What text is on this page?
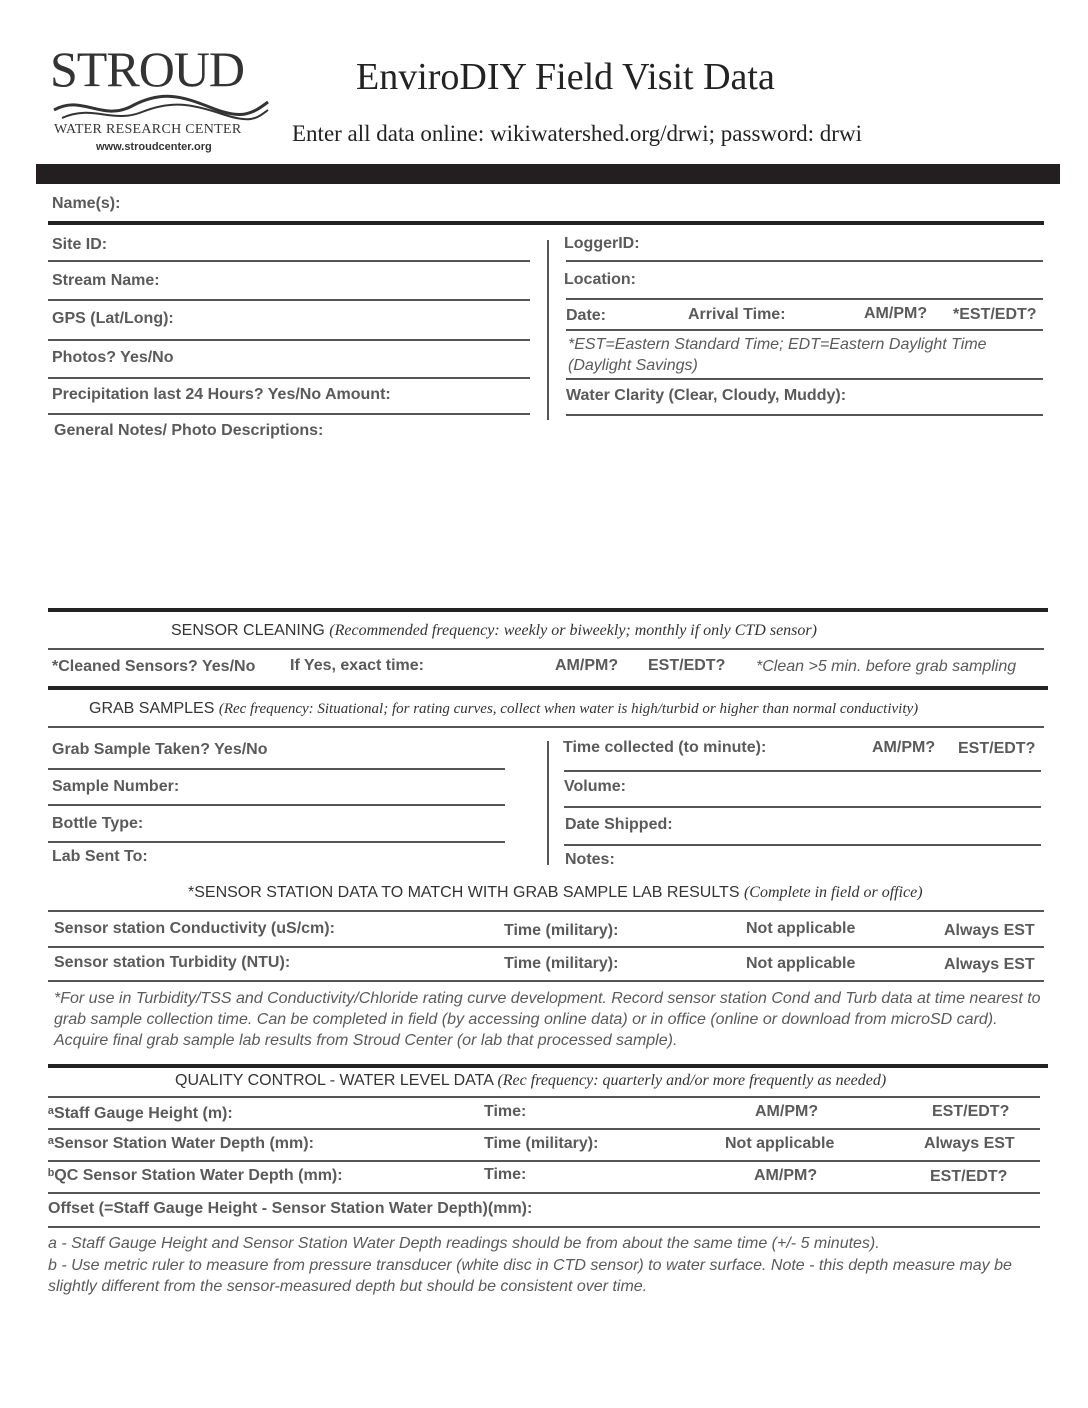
STROUD
WATER RESEARCH CENTER
www.stroudcenter.org
EnviroDIY Field Visit Data
Enter all data online: wikiwatershed.org/drwi; password: drwi
Name(s):
Site ID:
Stream Name:
GPS (Lat/Long):
Photos? Yes/No
Precipitation last 24 Hours? Yes/No Amount:
General Notes/ Photo Descriptions:
LoggerID:
Location:
Date:	Arrival Time:	AM/PM? *EST/EDT?
*EST=Eastern Standard Time; EDT=Eastern Daylight Time (Daylight Savings)
Water Clarity (Clear, Cloudy, Muddy):
SENSOR CLEANING (Recommended frequency: weekly or biweekly; monthly if only CTD sensor)
*Cleaned Sensors? Yes/No If Yes, exact time:	AM/PM? EST/EDT? *Clean >5 min. before grab sampling
GRAB SAMPLES (Rec frequency: Situational; for rating curves, collect when water is high/turbid or higher than normal conductivity)
Grab Sample Taken? Yes/No
Sample Number:
Bottle Type:
Lab Sent To:
Time collected (to minute):	AM/PM? EST/EDT?
Volume:
Date Shipped:
Notes:
*SENSOR STATION DATA TO MATCH WITH GRAB SAMPLE LAB RESULTS (Complete in field or office)
Sensor station Conductivity (uS/cm):	Time (military):	Not applicable	Always EST
Sensor station Turbidity (NTU):	Time (military):	Not applicable	Always EST
*For use in Turbidity/TSS and Conductivity/Chloride rating curve development. Record sensor station Cond and Turb data at time nearest to grab sample collection time. Can be completed in field (by accessing online data) or in office (online or download from microSD card). Acquire final grab sample lab results from Stroud Center (or lab that processed sample).
QUALITY CONTROL - WATER LEVEL DATA (Rec frequency: quarterly and/or more frequently as needed)
ᵃStaff Gauge Height (m):	Time:	AM/PM?	EST/EDT?
ᵃSensor Station Water Depth (mm):	Time (military):	Not applicable	Always EST
ᵇQC Sensor Station Water Depth (mm):	Time:	AM/PM?	EST/EDT?
Offset (=Staff Gauge Height - Sensor Station Water Depth)(mm):
a - Staff Gauge Height and Sensor Station Water Depth readings should be from about the same time (+/- 5 minutes).
b - Use metric ruler to measure from pressure transducer (white disc in CTD sensor) to water surface. Note - this depth measure may be slightly different from the sensor-measured depth but should be consistent over time.
